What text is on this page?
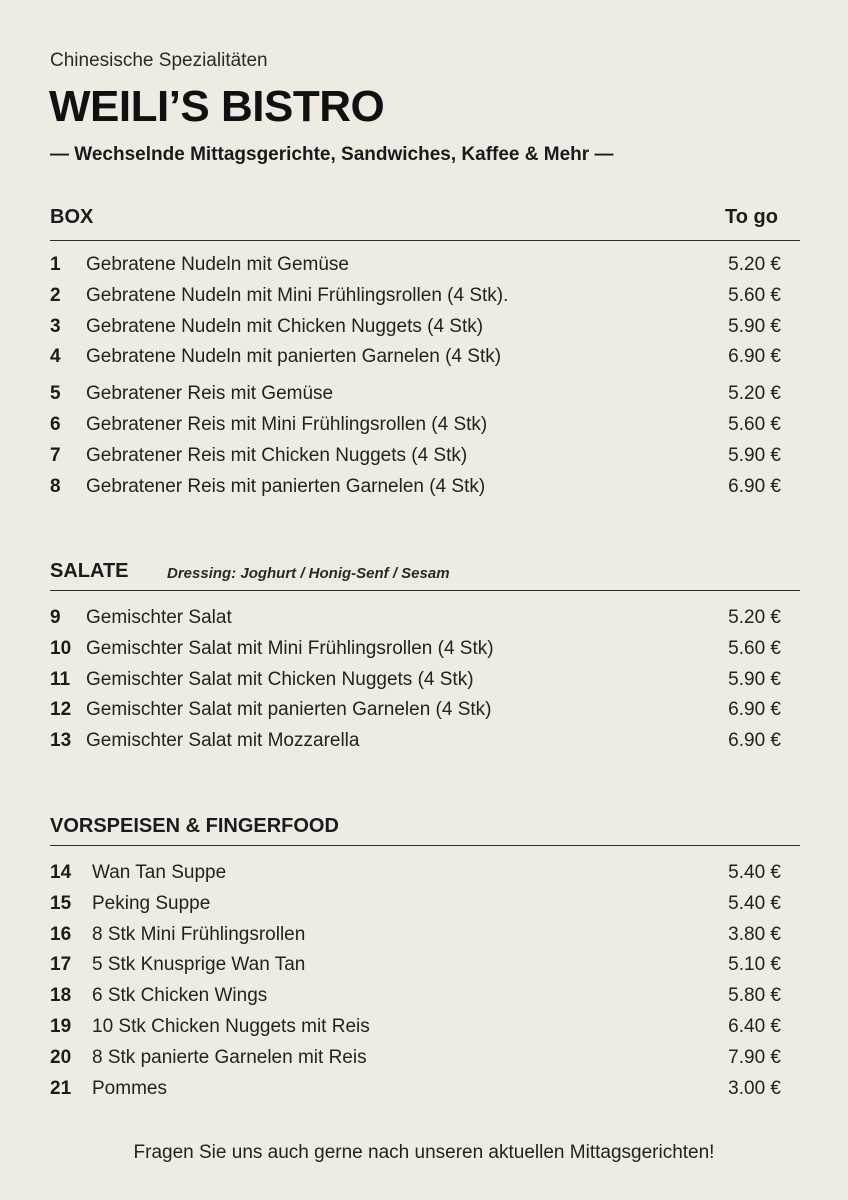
Chinesische Spezialitäten
WEILI’S BISTRO
— Wechselnde Mittagsgerichte, Sandwiches, Kaffee & Mehr —
BOX	To go
1 Gebratene Nudeln mit Gemüse	5.20 €
2 Gebratene Nudeln mit Mini Frühlingsrollen (4 Stk).	5.60 €
3 Gebratene Nudeln mit Chicken Nuggets (4 Stk)	5.90 €
4 Gebratene Nudeln mit panierten Garnelen (4 Stk)	6.90 €
5 Gebratener Reis mit Gemüse	5.20 €
6 Gebratener Reis mit Mini Frühlingsrollen (4 Stk)	5.60 €
7 Gebratener Reis mit Chicken Nuggets (4 Stk)	5.90 €
8 Gebratener Reis mit panierten Garnelen (4 Stk)	6.90 €
SALATE	Dressing: Joghurt / Honig-Senf / Sesam
9 Gemischter Salat	5.20 €
10 Gemischter Salat mit Mini Frühlingsrollen (4 Stk)	5.60 €
11 Gemischter Salat mit Chicken Nuggets (4 Stk)	5.90 €
12 Gemischter Salat mit panierten Garnelen (4 Stk)	6.90 €
13 Gemischter Salat mit Mozzarella	6.90 €
VORSPEISEN & FINGERFOOD
14 Wan Tan Suppe	5.40 €
15 Peking Suppe	5.40 €
16 8 Stk Mini Frühlingsrollen	3.80 €
17 5 Stk Knusprige Wan Tan	5.10 €
18 6 Stk Chicken Wings	5.80 €
19 10 Stk Chicken Nuggets mit Reis	6.40 €
20 8 Stk panierte Garnelen mit Reis	7.90 €
21 Pommes	3.00 €
Fragen Sie uns auch gerne nach unseren aktuellen Mittagsgerichten!
